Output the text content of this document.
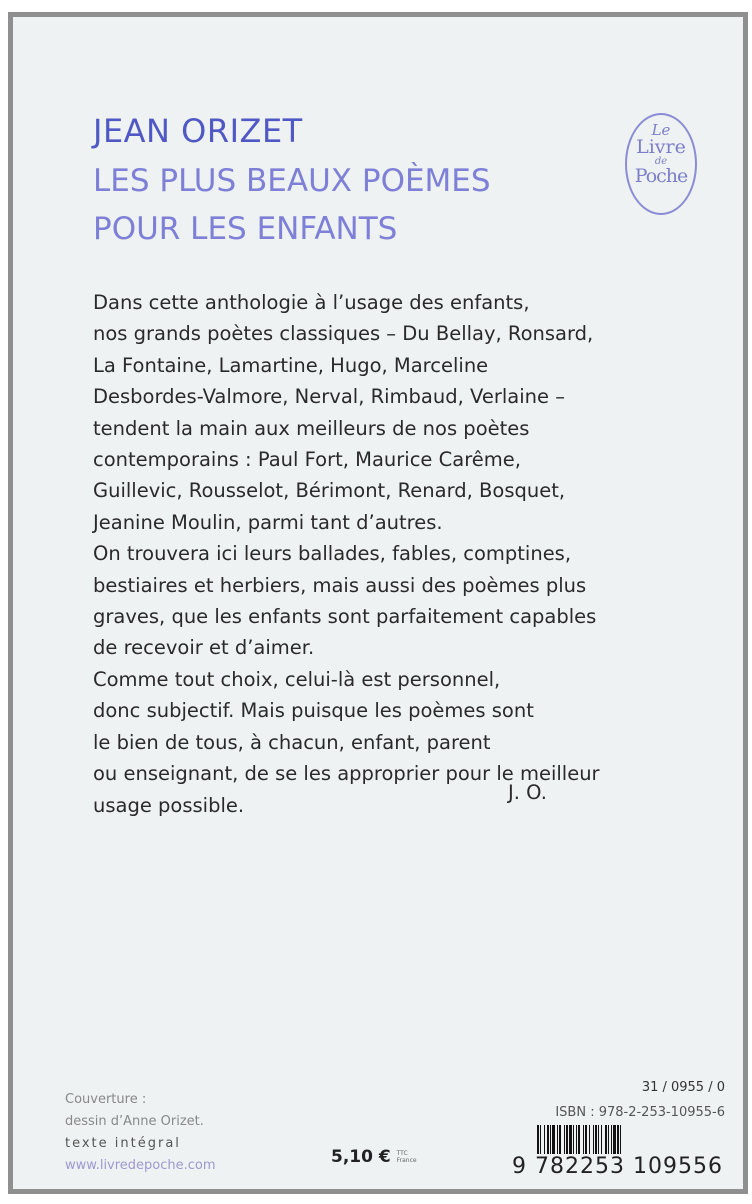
JEAN ORIZET
LES PLUS BEAUX POÈMES
POUR LES ENFANTS
Le
Livre
de
Poche

Dans cette anthologie à l’usage des enfants,

nos grands poètes classiques – Du Bellay, Ronsard,

La Fontaine, Lamartine, Hugo, Marceline

Desbordes-Valmore, Nerval, Rimbaud, Verlaine –

tendent la main aux meilleurs de nos poètes

contemporains : Paul Fort, Maurice Carême,

Guillevic, Rousselot, Bérimont, Renard, Bosquet,

Jeanine Moulin, parmi tant d’autres.

On trouvera ici leurs ballades, fables, comptines,

bestiaires et herbiers, mais aussi des poèmes plus

graves, que les enfants sont parfaitement capables

de recevoir et d’aimer.

Comme tout choix, celui-là est personnel,

donc subjectif. Mais puisque les poèmes sont

le bien de tous, à chacun, enfant, parent

ou enseignant, de se les approprier pour le meilleur

usage possible.

J. O.
Couverture :
dessin d’Anne Orizet.
texte intégral
www.livredepoche.com	5,10 € TTC
France
31 / 0955 / 0
ISBN : 978-2-253-10955-6
9 782253 109556
